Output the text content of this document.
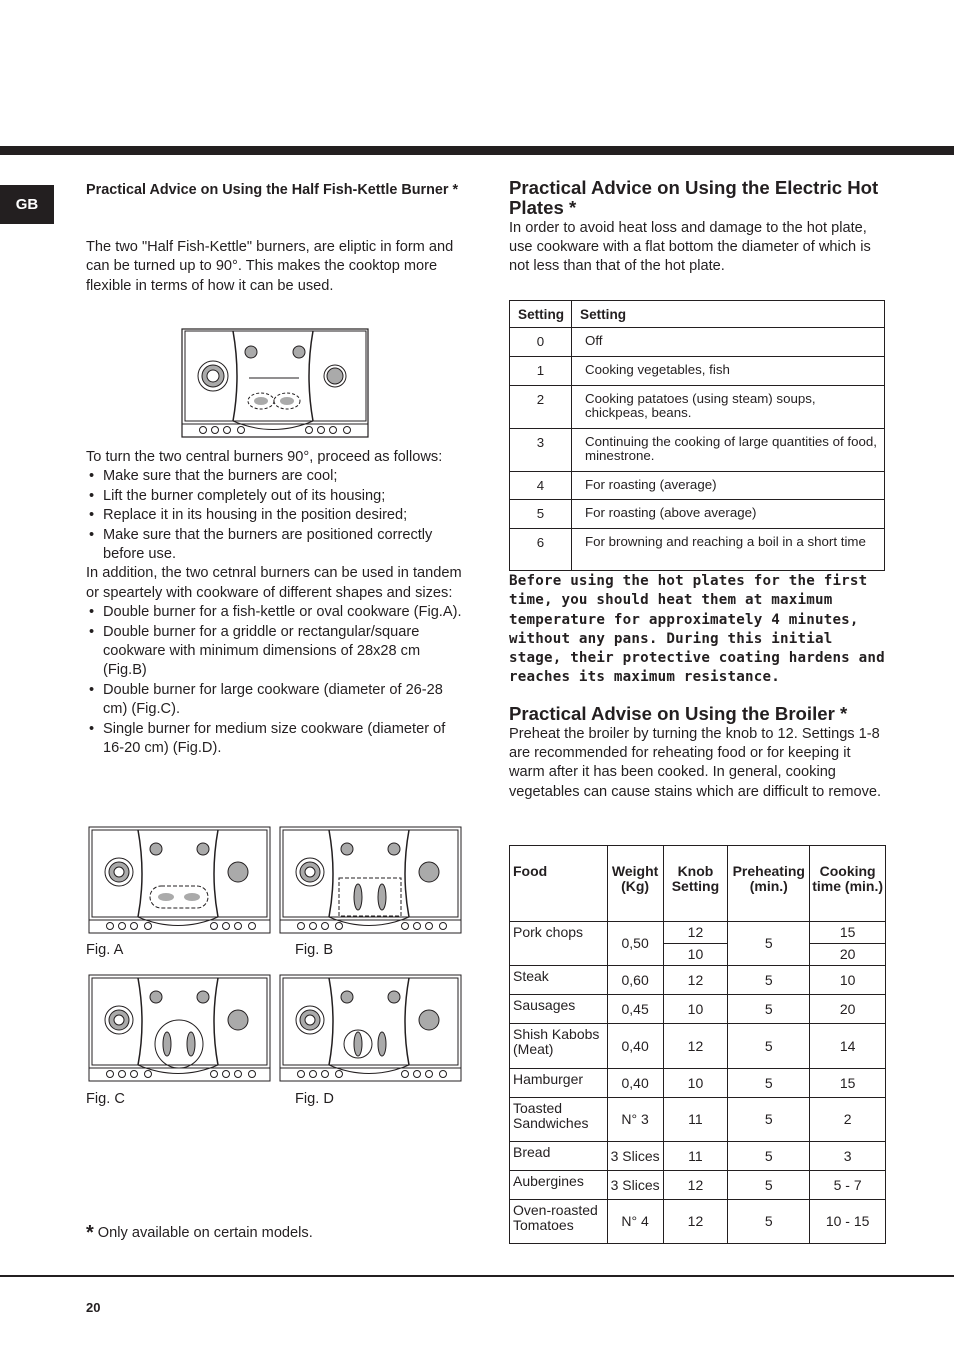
GB
Practical Advice on Using the Half Fish-Kettle Burner *

The two "Half Fish-Kettle" burners, are eliptic in form and can be turned up to 90°. This makes the cooktop more flexible in terms of how it can be used.

To turn the two central burners 90°, proceed as follows:

• Make sure that the burners are cool;
• Lift the burner completely out of its housing;
• Replace it in its housing in the position desired;
• Make sure that the burners are positioned correctly before use.

In addition, the two cetnral burners can be used in tandem or speartely with cookware of different shapes and sizes:

• Double burner for a fish-kettle or oval cookware (Fig.A).
• Double burner for a griddle or rectangular/square cookware with minimum dimensions of 28x28 cm (Fig.B)
• Double burner for large cookware (diameter of 26-28 cm) (Fig.C).
• Single burner for medium size cookware (diameter of 16-20 cm) (Fig.D).
Fig. A	Fig. B
Fig. C	Fig. D
* Only available on certain models.
Practical Advice on Using the Electric Hot Plates *

In order to avoid heat loss and damage to the hot plate, use cookware with a flat bottom the diameter of which is not less than that of the hot plate.

Setting	Setting
0	Off
1	Cooking vegetables, fish
2	Cooking patatoes (using steam) soups, chickpeas, beans.
3	Continuing the cooking of large quantities of food, minestrone.
4	For roasting (average)
5	For roasting (above average)
6	For browning and reaching a boil in a short time

Before using the hot plates for the first time, you should heat them at maximum temperature for approximately 4 minutes, without any pans. During this initial stage, their protective coating hardens and reaches its maximum resistance.

Practical Advise on Using the Broiler *

Preheat the broiler by turning the knob to 12. Settings 1-8 are recommended for reheating food or for keeping it warm after it has been cooked. In general, cooking vegetables can cause stains which are difficult to remove.

Food	Weight (Kg)	Knob Setting	Preheating (min.)	Cooking time (min.)
Pork chops	0,50	12	5	15
		10		20
Steak	0,60	12	5	10
Sausages	0,45	10	5	20
Shish Kabobs (Meat)	0,40	12	5	14
Hamburger	0,40	10	5	15
Toasted Sandwiches	N° 3	11	5	2
Bread	3 Slices	11	5	3
Aubergines	3 Slices	12	5	5 - 7
Oven-roasted Tomatoes	N° 4	12	5	10 - 15
20
